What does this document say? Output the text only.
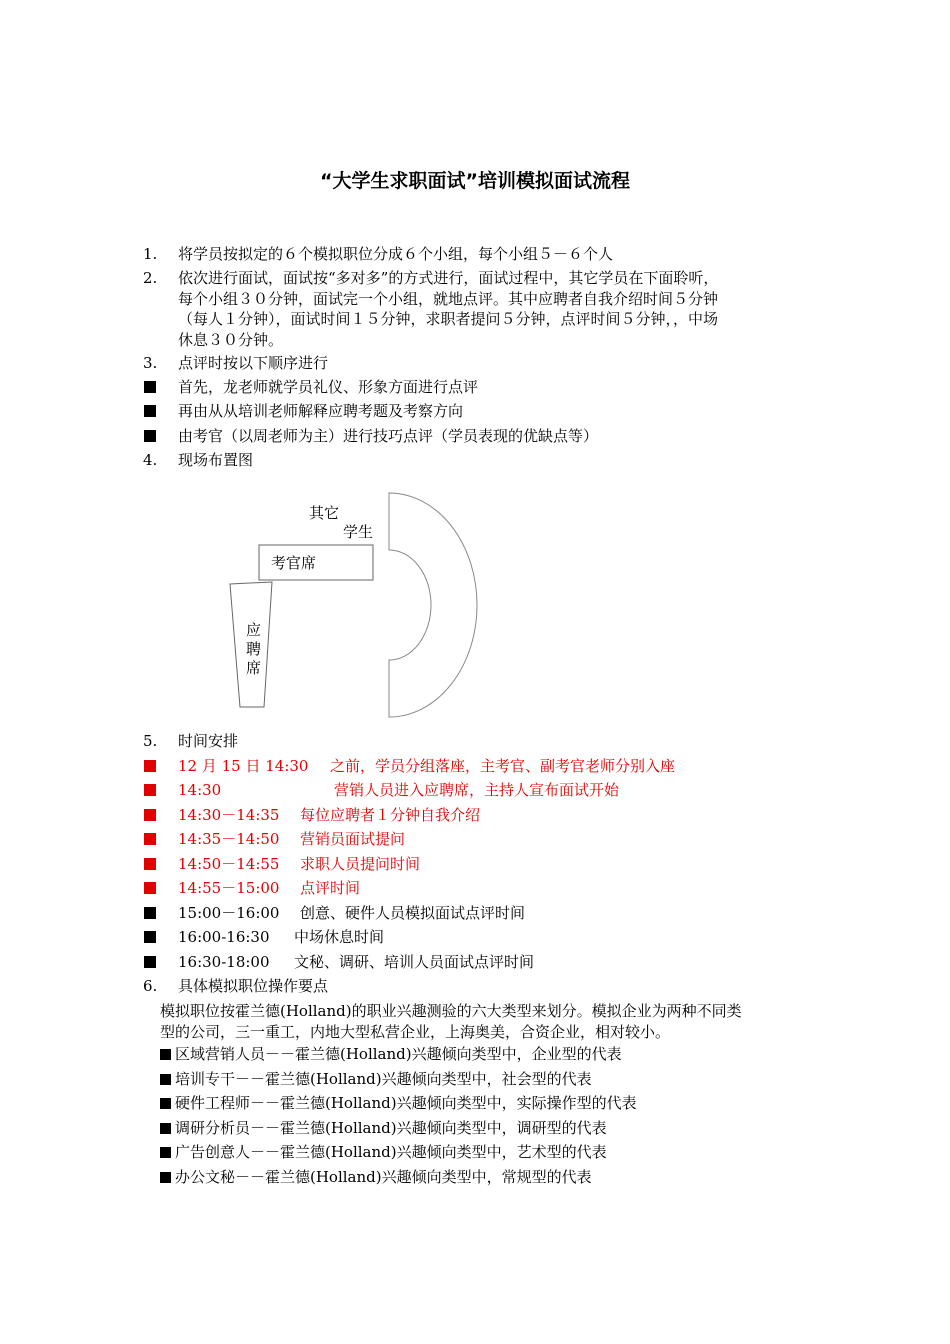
“大学生求职面试”培训模拟面试流程
1.	将学员按拟定的６个模拟职位分成６个小组，每个小组５－６个人
2.	依次进行面试，面试按“多对多”的方式进行，面试过程中，其它学员在下面聆听，
每个小组３０分钟，面试完一个小组，就地点评。其中应聘者自我介绍时间５分钟
（每人１分钟），面试时间１５分钟，求职者提问５分钟，点评时间５分钟，，中场
休息３０分钟。
3.	点评时按以下顺序进行
首先，龙老师就学员礼仪、形象方面进行点评
再由从从培训老师解释应聘考题及考察方向
由考官（以周老师为主）进行技巧点评（学员表现的优缺点等）
4.	现场布置图
其它
学生
考官席
应
聘
席
5.	时间安排
12 月 15 日 14:30 之前，学员分组落座，主考官、副考官老师分别入座
14:30	营销人员进入应聘席，主持人宣布面试开始
14:30－14:35 每位应聘者１分钟自我介绍
14:35－14:50 营销员面试提问
14:50－14:55 求职人员提问时间
14:55－15:00 点评时间
15:00－16:00 创意、硬件人员模拟面试点评时间
16:00-16:30 中场休息时间
16:30-18:00 文秘、调研、培训人员面试点评时间
6.	具体模拟职位操作要点
模拟职位按霍兰德(Holland)的职业兴趣测验的六大类型来划分。模拟企业为两种不同类
型的公司，三一重工，内地大型私营企业，上海奥美，合资企业，相对较小。
区域营销人员－－霍兰德(Holland)兴趣倾向类型中，企业型的代表
培训专干－－霍兰德(Holland)兴趣倾向类型中，社会型的代表
硬件工程师－－霍兰德(Holland)兴趣倾向类型中，实际操作型的代表
调研分析员－－霍兰德(Holland)兴趣倾向类型中，调研型的代表
广告创意人－－霍兰德(Holland)兴趣倾向类型中，艺术型的代表
办公文秘－－霍兰德(Holland)兴趣倾向类型中，常规型的代表
